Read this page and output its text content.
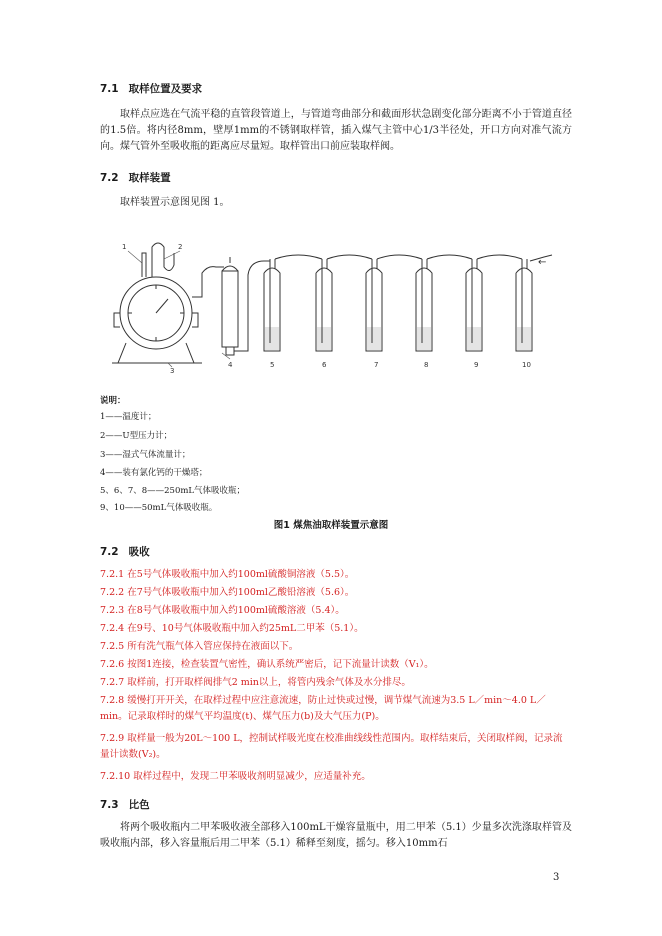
7.1 取样位置及要求
取样点应选在气流平稳的直管段管道上，与管道弯曲部分和截面形状急剧变化部分距离不小于管道直径的1.5倍。将内径8mm，壁厚1mm的不锈钢取样管，插入煤气主管中心1/3半径处，开口方向对准气流方向。煤气管外至吸收瓶的距离应尽量短。取样管出口前应装取样阀。
7.2 取样装置
取样装置示意图见图 1。
←
1	2
3
4	5	6	7	8	9	10
说明：
1——温度计；
2——U型压力计；
3——湿式气体流量计；
4——装有氯化钙的干燥塔；
5、6、7、8——250mL气体吸收瓶；
9、10——50mL气体吸收瓶。
图1 煤焦油取样装置示意图
7.2 吸收
7.2.1 在5号气体吸收瓶中加入约100ml硫酸铜溶液（5.5）。
7.2.2 在7号气体吸收瓶中加入约100ml乙酸铅溶液（5.6）。
7.2.3 在8号气体吸收瓶中加入约100ml硫酸溶液（5.4）。
7.2.4 在9号、10号气体吸收瓶中加入约25mL二甲苯（5.1）。
7.2.5 所有洗气瓶气体入管应保持在液面以下。
7.2.6 按图1连接，检查装置气密性，确认系统严密后，记下流量计读数（V₁）。
7.2.7 取样前，打开取样阀排气2 min以上，将管内残余气体及水分排尽。
7.2.8 缓慢打开开关，在取样过程中应注意流速，防止过快或过慢，调节煤气流速为3.5 L／min～4.0 L／min。记录取样时的煤气平均温度(t)、煤气压力(b)及大气压力(P)。
7.2.9 取样量一般为20L～100 L，控制试样吸光度在校准曲线线性范围内。取样结束后，关闭取样阀，记录流量计读数(V₂)。
7.2.10 取样过程中，发现二甲苯吸收剂明显减少，应适量补充。
7.3 比色
将两个吸收瓶内二甲苯吸收液全部移入100mL干燥容量瓶中，用二甲苯（5.1）少量多次洗涤取样管及吸收瓶内部，移入容量瓶后用二甲苯（5.1）稀释至刻度，摇匀。移入10mm石
3
